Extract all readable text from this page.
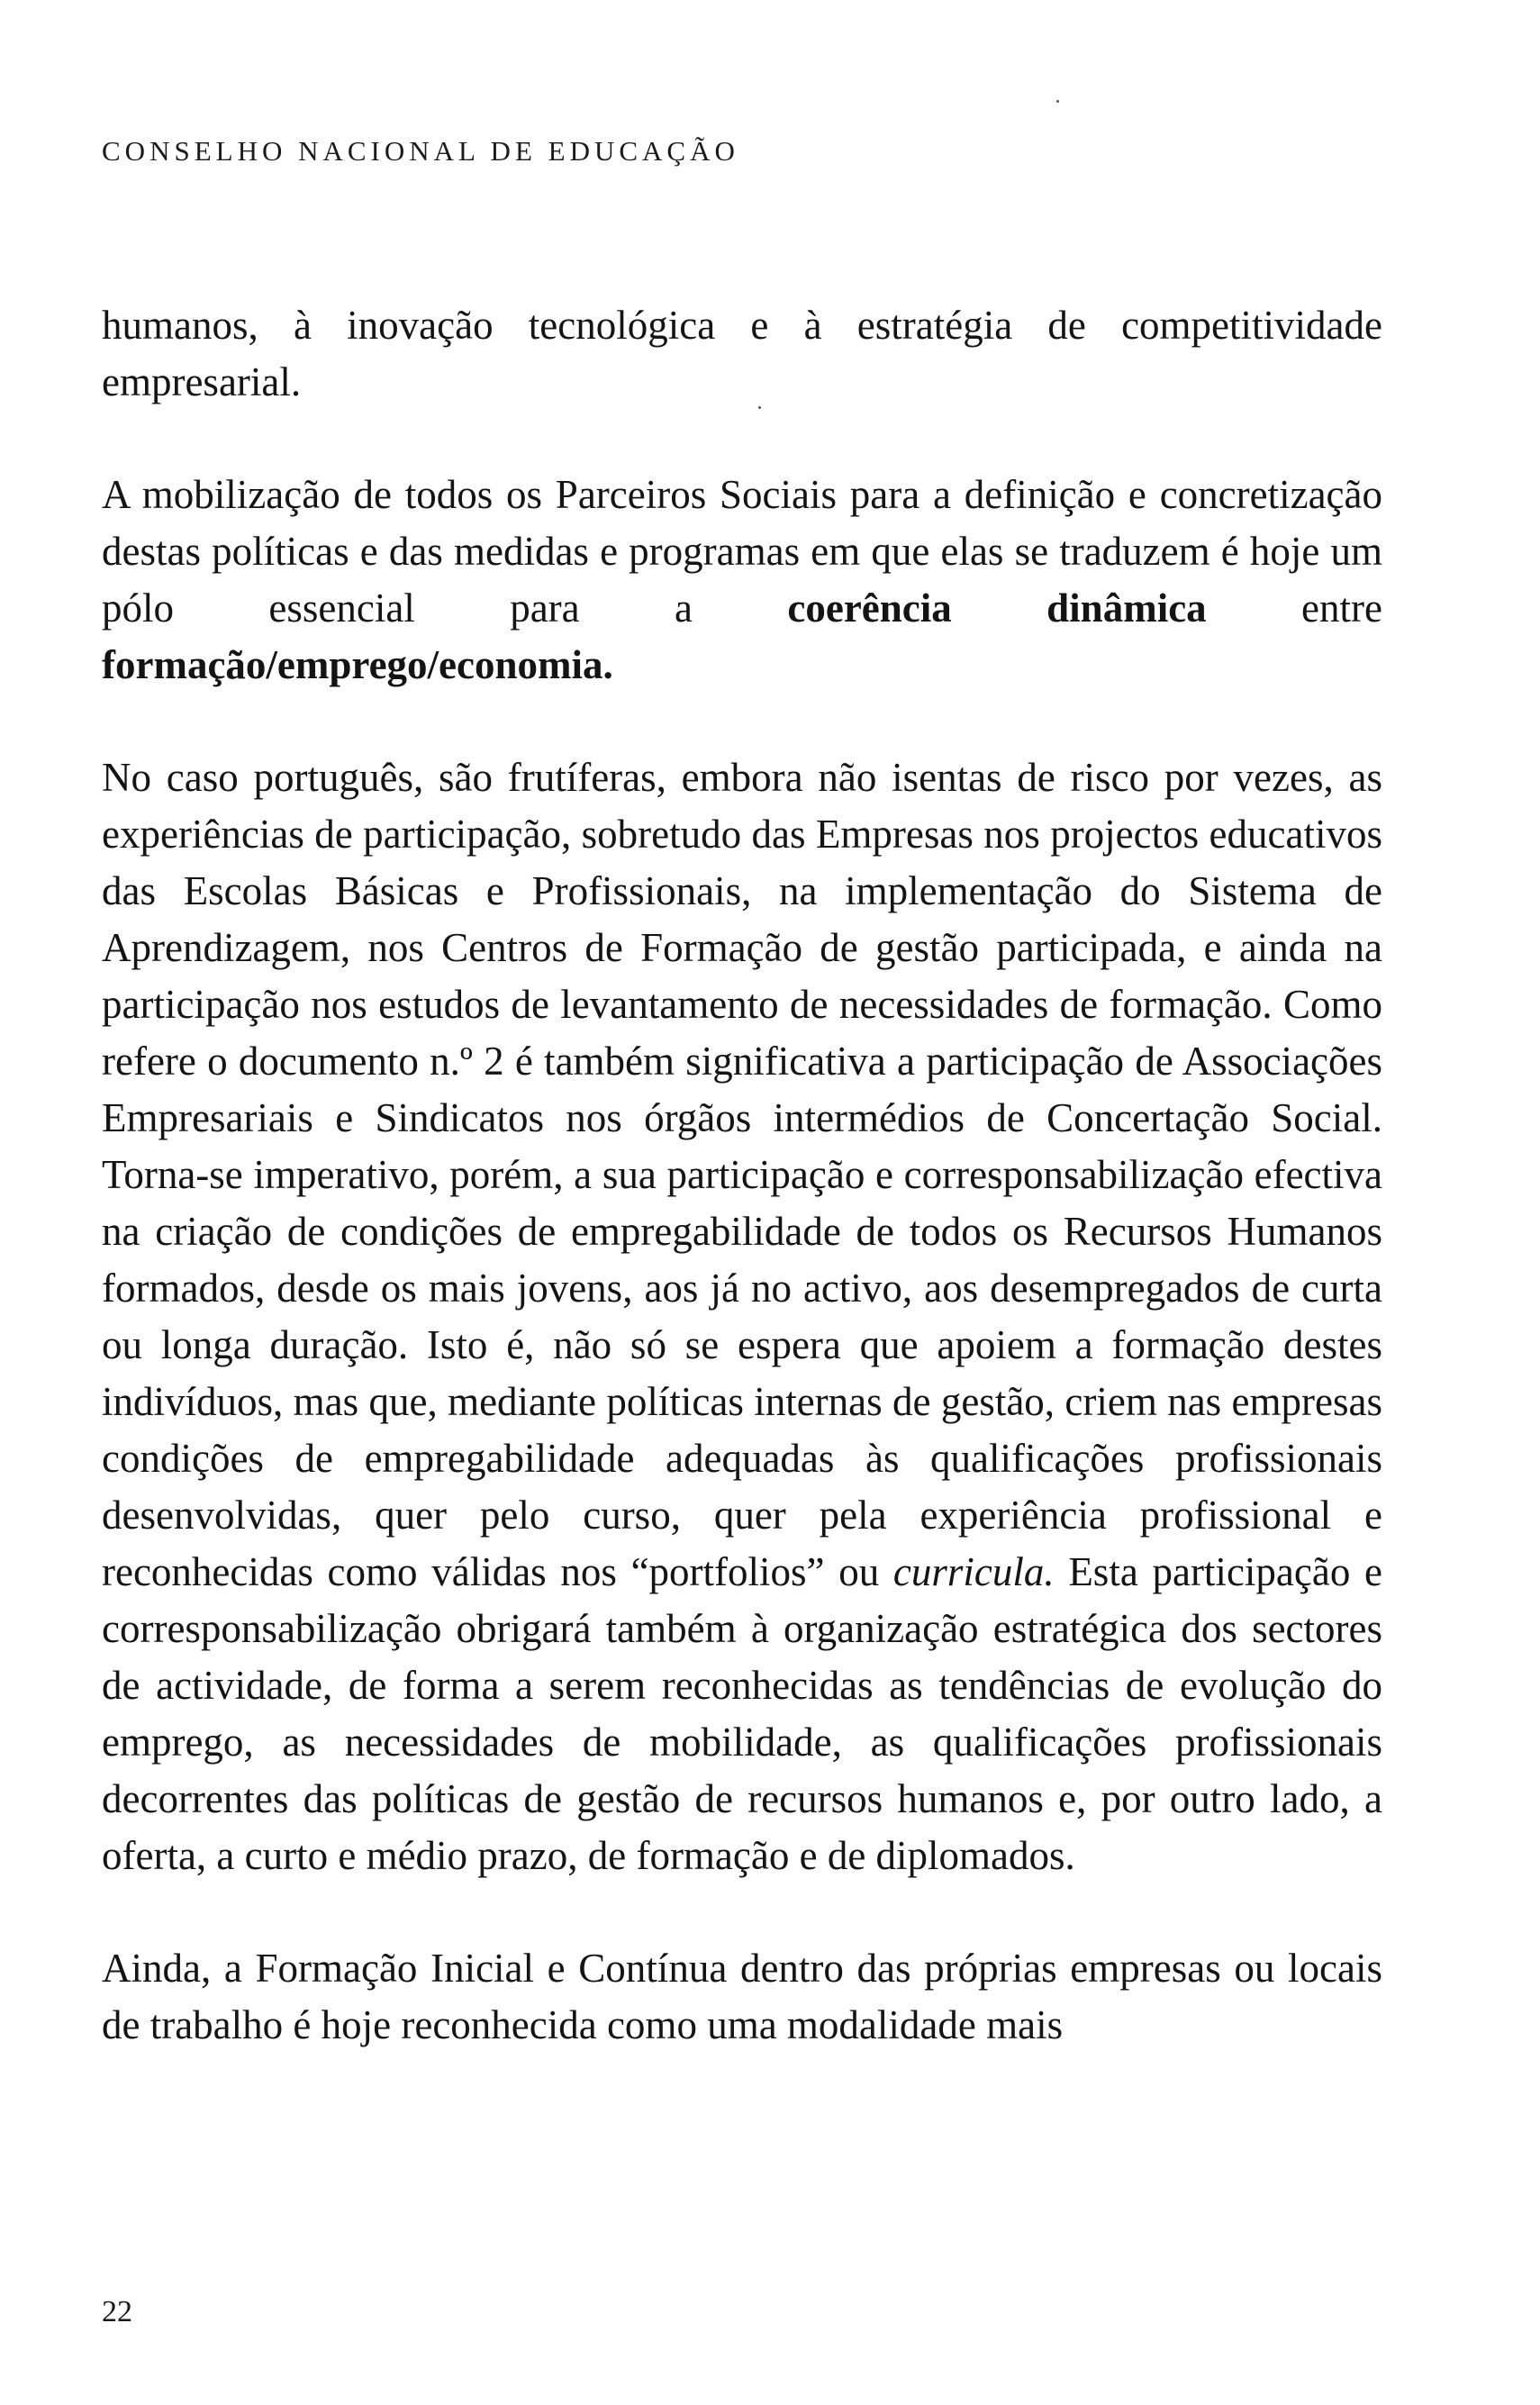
CONSELHO NACIONAL DE EDUCAÇÃO

humanos, à inovação tecnológica e à estratégia de competitividade empresarial.

A mobilização de todos os Parceiros Sociais para a definição e concretização destas políticas e das medidas e programas em que elas se traduzem é hoje um pólo essencial para a coerência dinâmica entre formação/emprego/economia.

No caso português, são frutíferas, embora não isentas de risco por vezes, as experiências de participação, sobretudo das Empresas nos projectos educativos das Escolas Básicas e Profissionais, na implementação do Sistema de Aprendizagem, nos Centros de Formação de gestão participada, e ainda na participação nos estudos de levantamento de necessidades de formação. Como refere o documento n.º 2 é também significativa a participação de Associações Empresariais e Sindicatos nos órgãos intermédios de Concertação Social. Torna-se imperativo, porém, a sua participação e corresponsabilização efectiva na criação de condições de empregabilidade de todos os Recursos Humanos formados, desde os mais jovens, aos já no activo, aos desempregados de curta ou longa duração. Isto é, não só se espera que apoiem a formação destes indivíduos, mas que, mediante políticas internas de gestão, criem nas empresas condições de empregabilidade adequadas às qualificações profissionais desenvolvidas, quer pelo curso, quer pela experiência profissional e reconhecidas como válidas nos “portfolios” ou curricula. Esta participação e corresponsabilização obrigará também à organização estratégica dos sectores de actividade, de forma a serem reconhecidas as tendências de evolução do emprego, as necessidades de mobilidade, as qualificações profissionais decorrentes das políticas de gestão de recursos humanos e, por outro lado, a oferta, a curto e médio prazo, de formação e de diplomados.

Ainda, a Formação Inicial e Contínua dentro das próprias empresas ou locais de trabalho é hoje reconhecida como uma modalidade mais

22
